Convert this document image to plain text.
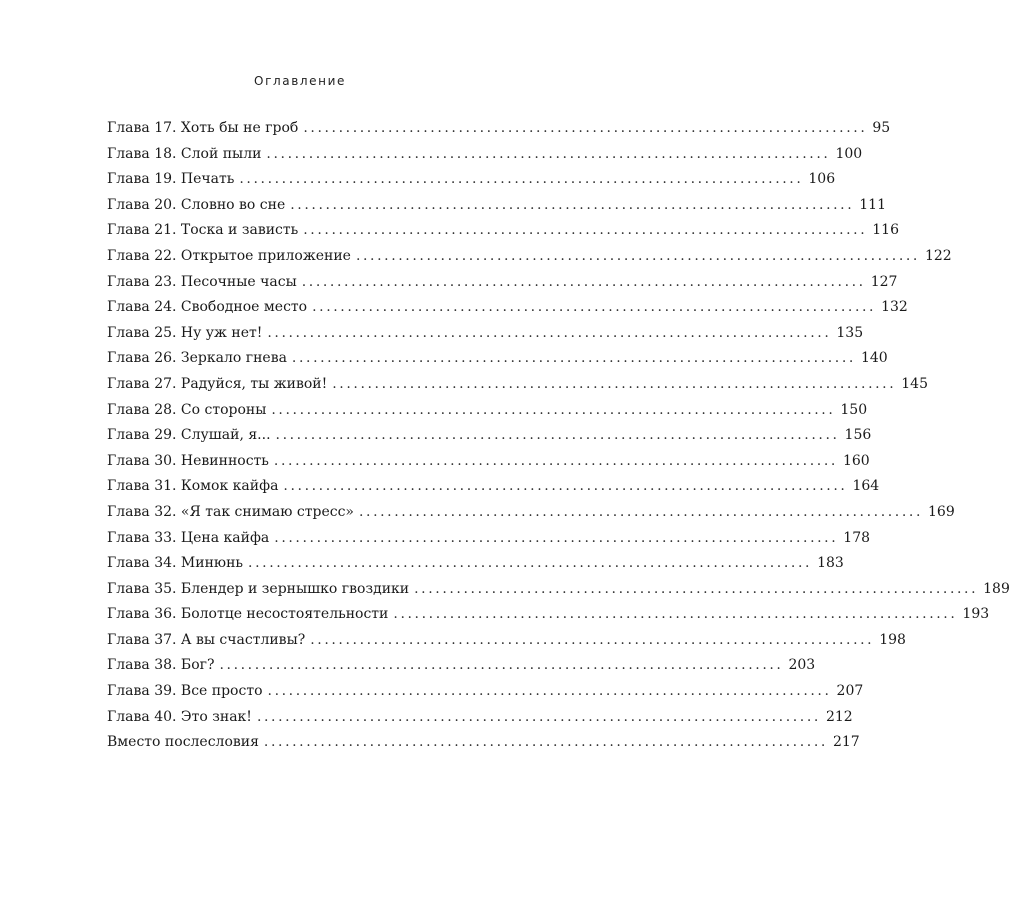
Оглавление
Глава 17. Хоть бы не гроб ................................................................................ 95
Глава 18. Слой пыли ................................................................................ 100
Глава 19. Печать ................................................................................ 106
Глава 20. Словно во сне ................................................................................ 111
Глава 21. Тоска и зависть ................................................................................ 116
Глава 22. Открытое приложение ................................................................................ 122
Глава 23. Песочные часы ................................................................................ 127
Глава 24. Свободное место ................................................................................ 132
Глава 25. Ну уж нет! ................................................................................ 135
Глава 26. Зеркало гнева ................................................................................ 140
Глава 27. Радуйся, ты живой! ................................................................................ 145
Глава 28. Со стороны ................................................................................ 150
Глава 29. Слушай, я... ................................................................................ 156
Глава 30. Невинность ................................................................................ 160
Глава 31. Комок кайфа ................................................................................ 164
Глава 32. «Я так снимаю стресс» ................................................................................ 169
Глава 33. Цена кайфа ................................................................................ 178
Глава 34. Минюнь ................................................................................ 183
Глава 35. Блендер и зернышко гвоздики ................................................................................ 189
Глава 36. Болотце несостоятельности ................................................................................ 193
Глава 37. А вы счастливы? ................................................................................ 198
Глава 38. Бог? ................................................................................ 203
Глава 39. Все просто ................................................................................ 207
Глава 40. Это знак! ................................................................................ 212
Вместо послесловия ................................................................................ 217
